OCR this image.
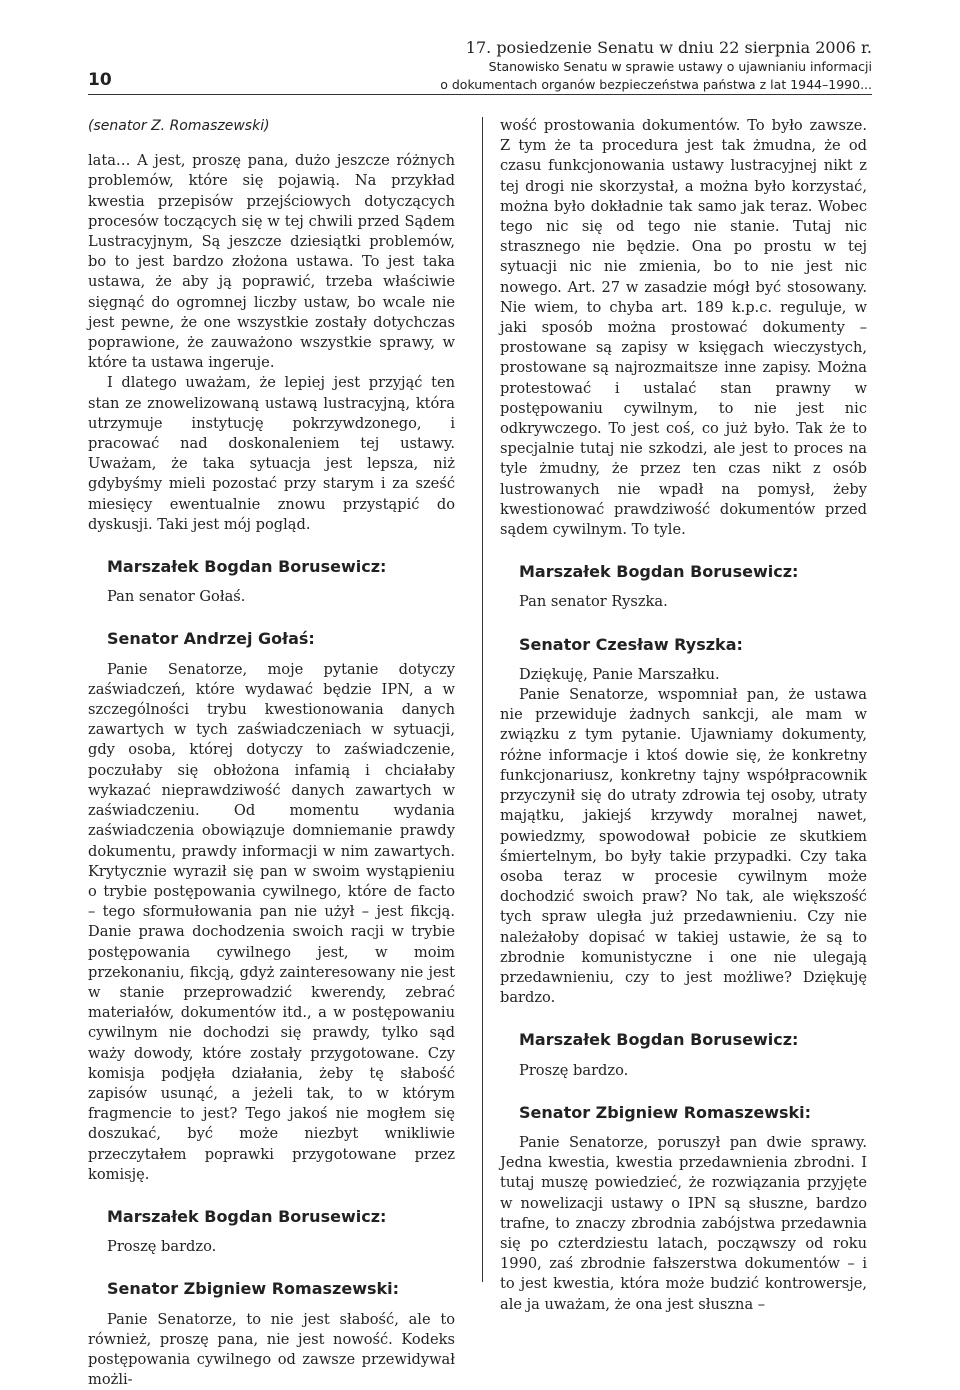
10
17. posiedzenie Senatu w dniu 22 sierpnia 2006 r.
Stanowisko Senatu w sprawie ustawy o ujawnianiu informacji
o dokumentach organów bezpieczeństwa państwa z lat 1944–1990...

(senator Z. Romaszewski)

lata… A jest, proszę pana, dużo jeszcze różnych problemów, które się pojawią. Na przykład kwestia przepisów przejściowych dotyczących procesów toczących się w tej chwili przed Sądem Lustracyjnym, Są jeszcze dziesiątki problemów, bo to jest bardzo złożona ustawa. To jest taka ustawa, że aby ją poprawić, trzeba właściwie sięgnąć do ogromnej liczby ustaw, bo wcale nie jest pewne, że one wszystkie zostały dotychczas poprawione, że zauważono wszystkie sprawy, w które ta ustawa ingeruje.

I dlatego uważam, że lepiej jest przyjąć ten stan ze znowelizowaną ustawą lustracyjną, która utrzymuje instytucję pokrzywdzonego, i pracować nad doskonaleniem tej ustawy. Uważam, że taka sytuacja jest lepsza, niż gdybyśmy mieli pozostać przy starym i za sześć miesięcy ewentualnie znowu przystąpić do dyskusji. Taki jest mój pogląd.

Marszałek Bogdan Borusewicz:

Pan senator Gołaś.

Senator Andrzej Gołaś:

Panie Senatorze, moje pytanie dotyczy zaświadczeń, które wydawać będzie IPN, a w szczególności trybu kwestionowania danych zawartych w tych zaświadczeniach w sytuacji, gdy osoba, której dotyczy to zaświadczenie, poczułaby się obłożona infamią i chciałaby wykazać nieprawdziwość danych zawartych w zaświadczeniu. Od momentu wydania zaświadczenia obowiązuje domniemanie prawdy dokumentu, prawdy informacji w nim zawartych. Krytycznie wyraził się pan w swoim wystąpieniu o trybie postępowania cywilnego, które de facto – tego sformułowania pan nie użył – jest fikcją. Danie prawa dochodzenia swoich racji w trybie postępowania cywilnego jest, w moim przekonaniu, fikcją, gdyż zainteresowany nie jest w stanie przeprowadzić kwerendy, zebrać materiałów, dokumentów itd., a w postępowaniu cywilnym nie dochodzi się prawdy, tylko sąd waży dowody, które zostały przygotowane. Czy komisja podjęła działania, żeby tę słabość zapisów usunąć, a jeżeli tak, to w którym fragmencie to jest? Tego jakoś nie mogłem się doszukać, być może niezbyt wnikliwie przeczytałem poprawki przygotowane przez komisję.

Marszałek Bogdan Borusewicz:

Proszę bardzo.

Senator Zbigniew Romaszewski:

Panie Senatorze, to nie jest słabość, ale to również, proszę pana, nie jest nowość. Kodeks postępowania cywilnego od zawsze przewidywał możli-

wość prostowania dokumentów. To było zawsze. Z tym że ta procedura jest tak żmudna, że od czasu funkcjonowania ustawy lustracyjnej nikt z tej drogi nie skorzystał, a można było korzystać, można było dokładnie tak samo jak teraz. Wobec tego nic się od tego nie stanie. Tutaj nic strasznego nie będzie. Ona po prostu w tej sytuacji nic nie zmienia, bo to nie jest nic nowego. Art. 27 w zasadzie mógł być stosowany. Nie wiem, to chyba art. 189 k.p.c. reguluje, w jaki sposób można prostować dokumenty – prostowane są zapisy w księgach wieczystych, prostowane są najrozmaitsze inne zapisy. Można protestować i ustalać stan prawny w postępowaniu cywilnym, to nie jest nic odkrywczego. To jest coś, co już było. Tak że to specjalnie tutaj nie szkodzi, ale jest to proces na tyle żmudny, że przez ten czas nikt z osób lustrowanych nie wpadł na pomysł, żeby kwestionować prawdziwość dokumentów przed sądem cywilnym. To tyle.

Marszałek Bogdan Borusewicz:

Pan senator Ryszka.

Senator Czesław Ryszka:

Dziękuję, Panie Marszałku.

Panie Senatorze, wspomniał pan, że ustawa nie przewiduje żadnych sankcji, ale mam w związku z tym pytanie. Ujawniamy dokumenty, różne informacje i ktoś dowie się, że konkretny funkcjonariusz, konkretny tajny współpracownik przyczynił się do utraty zdrowia tej osoby, utraty majątku, jakiejś krzywdy moralnej nawet, powiedzmy, spowodował pobicie ze skutkiem śmiertelnym, bo były takie przypadki. Czy taka osoba teraz w procesie cywilnym może dochodzić swoich praw? No tak, ale większość tych spraw uległa już przedawnieniu. Czy nie należałoby dopisać w takiej ustawie, że są to zbrodnie komunistyczne i one nie ulegają przedawnieniu, czy to jest możliwe? Dziękuję bardzo.

Marszałek Bogdan Borusewicz:

Proszę bardzo.

Senator Zbigniew Romaszewski:

Panie Senatorze, poruszył pan dwie sprawy. Jedna kwestia, kwestia przedawnienia zbrodni. I tutaj muszę powiedzieć, że rozwiązania przyjęte w nowelizacji ustawy o IPN są słuszne, bardzo trafne, to znaczy zbrodnia zabójstwa przedawnia się po czterdziestu latach, począwszy od roku 1990, zaś zbrodnie fałszerstwa dokumentów – i to jest kwestia, która może budzić kontrowersje, ale ja uważam, że ona jest słuszna –
